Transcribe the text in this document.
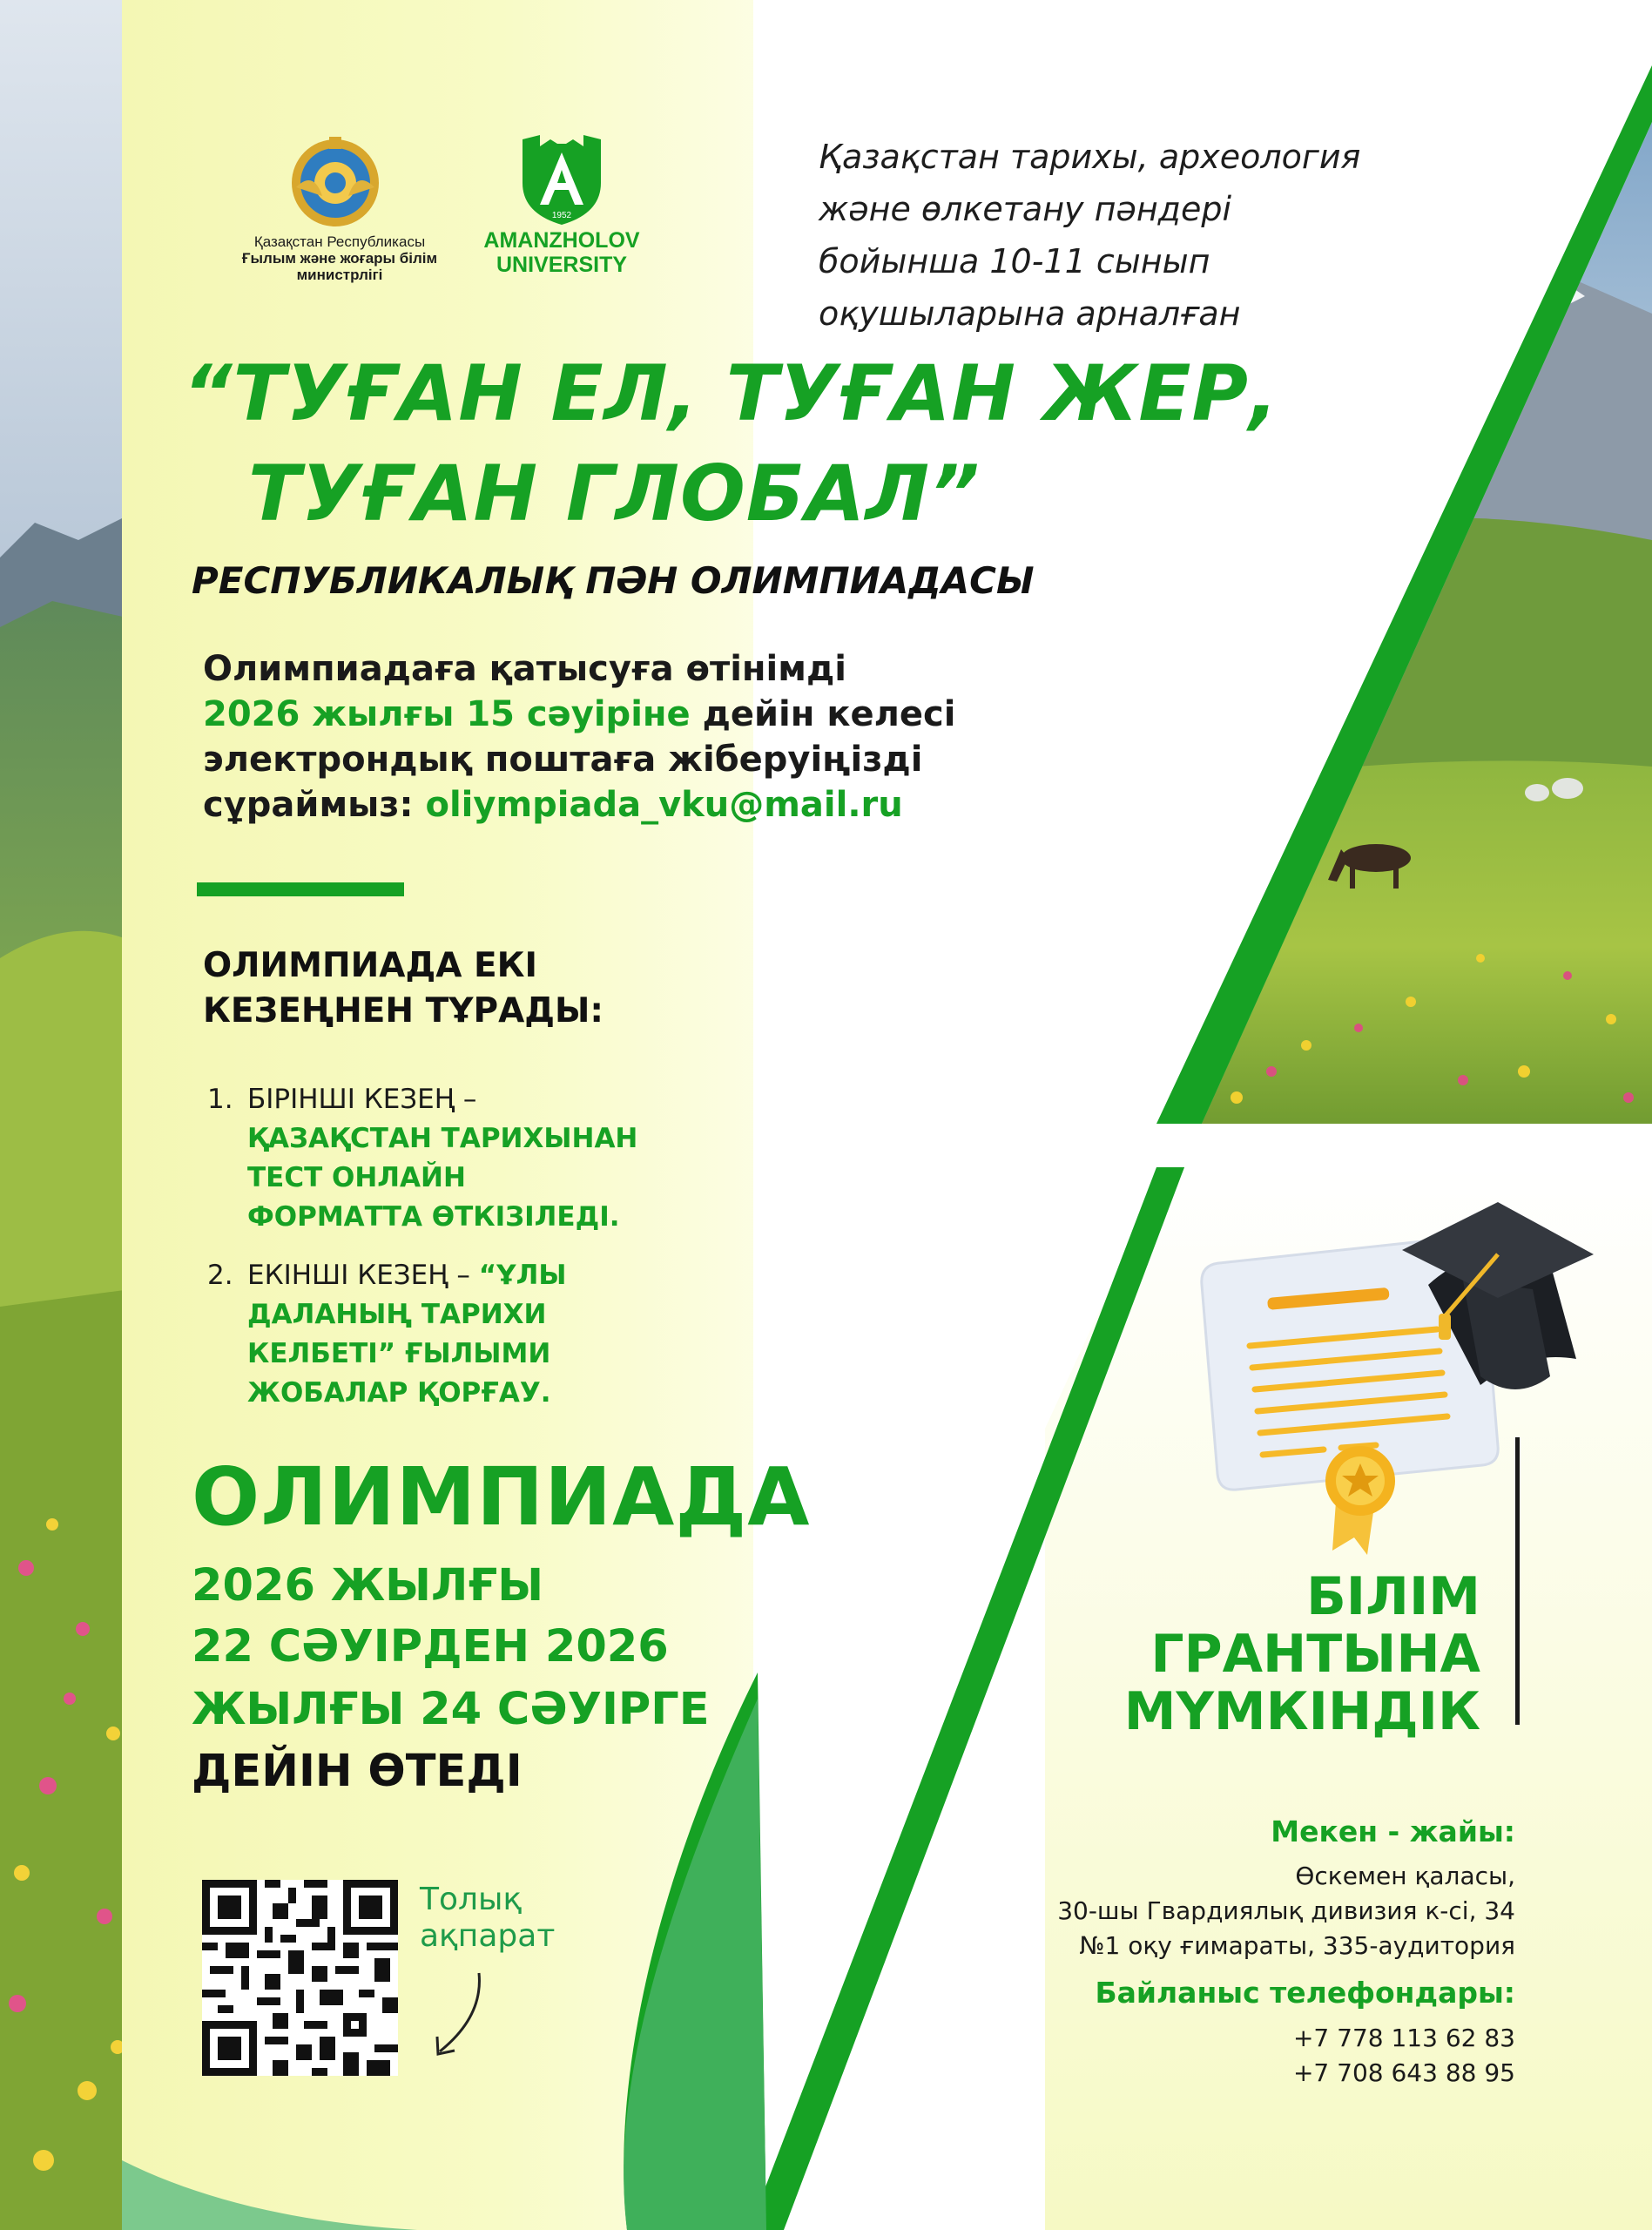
Қазақстан Республикасы
Ғылым және жоғары білім
министрлігі
1952
AMANZHOLOV
UNIVERSITY
Қазақстан тарихы, археология
және өлкетану пәндері
бойынша 10-11 сынып
оқушыларына арналған
“ТУҒАН ЕЛ, ТУҒАН ЖЕР,
ТУҒАН ГЛОБАЛ”
РЕСПУБЛИКАЛЫҚ ПӘН ОЛИМПИАДАСЫ
Олимпиадаға қатысуға өтінімді
2026 жылғы 15 сәуіріне дейін келесі
электрондық поштаға жіберуіңізді
сұраймыз: oliympiada_vku@mail.ru
ОЛИМПИАДА ЕКІ
КЕЗЕҢНЕН ТҰРАДЫ:
1. БІРІНШІ КЕЗЕҢ –
ҚАЗАҚСТАН ТАРИХЫНАН
ТЕСТ ОНЛАЙН
ФОРМАТТА ӨТКІЗІЛЕДІ.
2. ЕКІНШІ КЕЗЕҢ – “ҰЛЫ
ДАЛАНЫҢ ТАРИХИ
КЕЛБЕТІ” ҒЫЛЫМИ
ЖОБАЛАР ҚОРҒАУ.
ОЛИМПИАДА
2026 ЖЫЛҒЫ
22 СӘУІРДЕН 2026
ЖЫЛҒЫ 24 СӘУІРГЕ
ДЕЙІН ӨТЕДІ
БІЛІМ
ГРАНТЫНА
МҮМКІНДІК
Мекен - жайы:
Өскемен қаласы,
30-шы Гвардиялық дивизия к-сі, 34
№1 оқу ғимараты, 335-аудитория
Байланыс телефондары:
+7 778 113 62 83
+7 708 643 88 95
Толық
ақпарат
